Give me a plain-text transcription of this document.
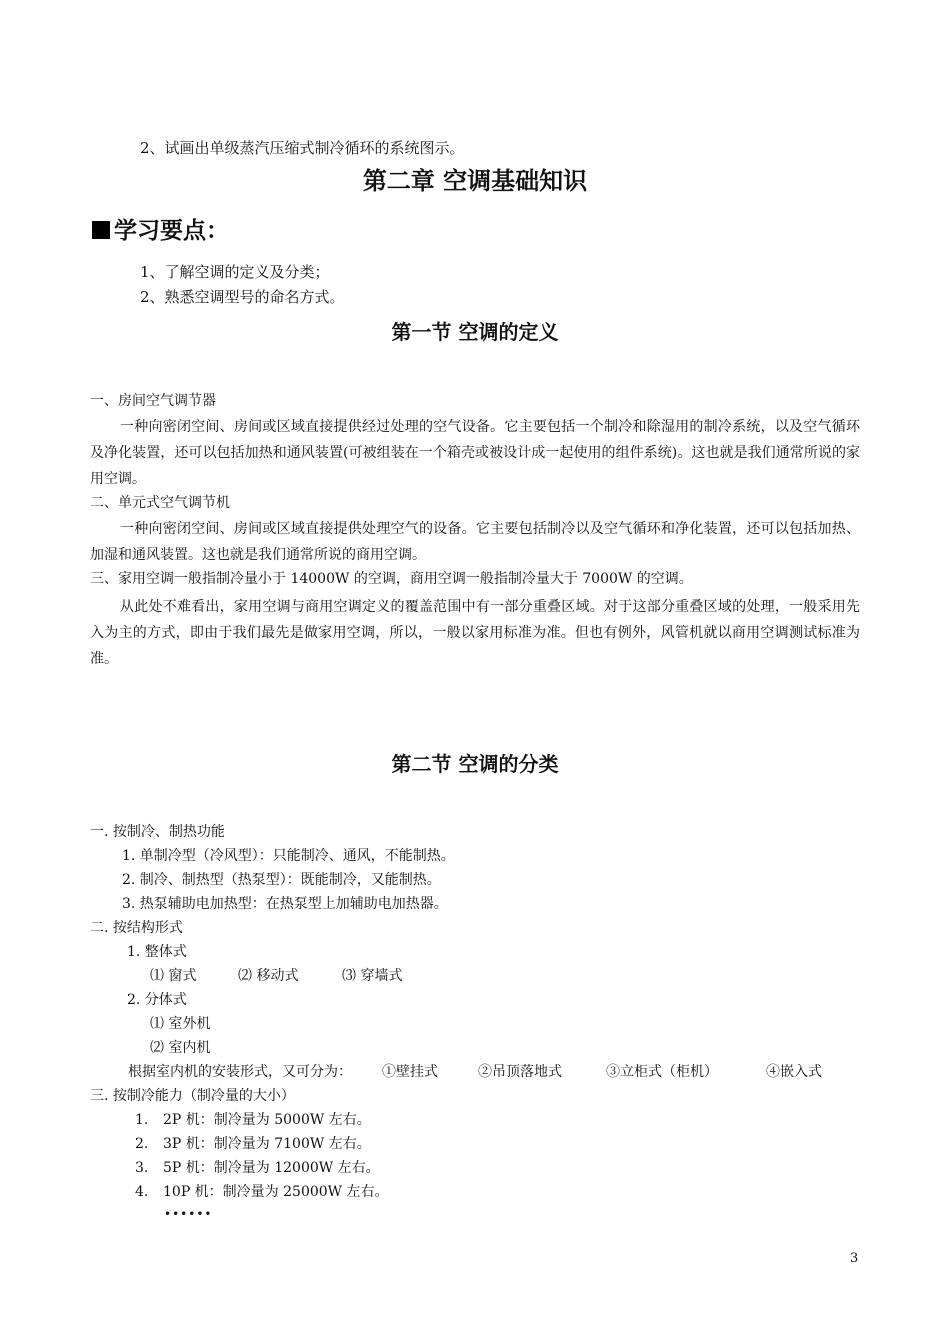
2、试画出单级蒸汽压缩式制冷循环的系统图示。
第二章 空调基础知识
学习要点：
1、了解空调的定义及分类；
2、熟悉空调型号的命名方式。
第一节 空调的定义
一、房间空气调节器
一种向密闭空间、房间或区域直接提供经过处理的空气设备。它主要包括一个制冷和除湿用的制冷系统，以及空气循环及净化装置，还可以包括加热和通风装置(可被组装在一个箱壳或被设计成一起使用的组件系统)。这也就是我们通常所说的家用空调。
二、单元式空气调节机
一种向密闭空间、房间或区域直接提供处理空气的设备。它主要包括制冷以及空气循环和净化装置，还可以包括加热、加湿和通风装置。这也就是我们通常所说的商用空调。
三、家用空调一般指制冷量小于 14000W 的空调，商用空调一般指制冷量大于 7000W 的空调。
从此处不难看出，家用空调与商用空调定义的覆盖范围中有一部分重叠区域。对于这部分重叠区域的处理，一般采用先入为主的方式，即由于我们最先是做家用空调，所以，一般以家用标准为准。但也有例外，风管机就以商用空调测试标准为准。
第二节 空调的分类
一. 按制冷、制热功能
1. 单制冷型（冷风型）：只能制冷、通风，不能制热。
2. 制冷、制热型（热泵型）：既能制冷，又能制热。
3. 热泵辅助电加热型：在热泵型上加辅助电加热器。
二. 按结构形式
1. 整体式
⑴ 窗式	⑵ 移动式	⑶ 穿墙式
2. 分体式
⑴ 室外机
⑵ 室内机
根据室内机的安装形式，又可分为： ①壁挂式	②吊顶落地式	③立柜式（柜机）	④嵌入式
三. 按制冷能力（制冷量的大小）
1. 2P 机：制冷量为 5000W 左右。
2. 3P 机：制冷量为 7100W 左右。
3. 5P 机：制冷量为 12000W 左右。
4. 10P 机：制冷量为 25000W 左右。
••••••
3
